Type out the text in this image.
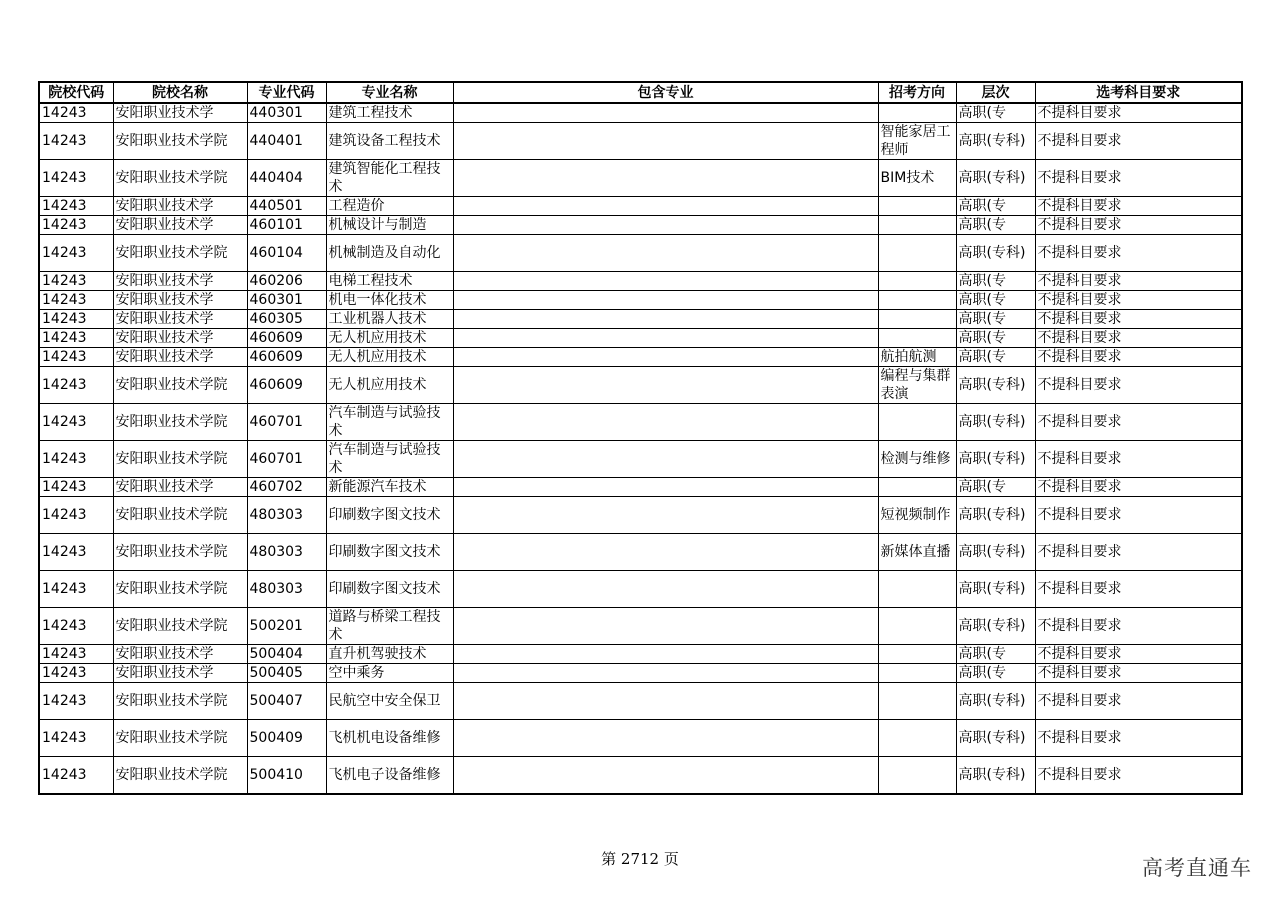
院校代码	院校名称	专业代码	专业名称	包含专业	招考方向	层次	选考科目要求
14243	安阳职业技术学	440301	建筑工程技术			高职(专	不提科目要求
14243	安阳职业技术学院	440401	建筑设备工程技术		智能家居工程师	高职(专科)	不提科目要求
14243	安阳职业技术学院	440404	建筑智能化工程技术		BIM技术	高职(专科)	不提科目要求
14243	安阳职业技术学	440501	工程造价			高职(专	不提科目要求
14243	安阳职业技术学	460101	机械设计与制造			高职(专	不提科目要求
14243	安阳职业技术学院	460104	机械制造及自动化			高职(专科)	不提科目要求
14243	安阳职业技术学	460206	电梯工程技术			高职(专	不提科目要求
14243	安阳职业技术学	460301	机电一体化技术			高职(专	不提科目要求
14243	安阳职业技术学	460305	工业机器人技术			高职(专	不提科目要求
14243	安阳职业技术学	460609	无人机应用技术			高职(专	不提科目要求
14243	安阳职业技术学	460609	无人机应用技术		航拍航测	高职(专	不提科目要求
14243	安阳职业技术学院	460609	无人机应用技术		编程与集群表演	高职(专科)	不提科目要求
14243	安阳职业技术学院	460701	汽车制造与试验技术			高职(专科)	不提科目要求
14243	安阳职业技术学院	460701	汽车制造与试验技术		检测与维修	高职(专科)	不提科目要求
14243	安阳职业技术学	460702	新能源汽车技术			高职(专	不提科目要求
14243	安阳职业技术学院	480303	印刷数字图文技术		短视频制作	高职(专科)	不提科目要求
14243	安阳职业技术学院	480303	印刷数字图文技术		新媒体直播	高职(专科)	不提科目要求
14243	安阳职业技术学院	480303	印刷数字图文技术			高职(专科)	不提科目要求
14243	安阳职业技术学院	500201	道路与桥梁工程技术			高职(专科)	不提科目要求
14243	安阳职业技术学	500404	直升机驾驶技术			高职(专	不提科目要求
14243	安阳职业技术学	500405	空中乘务			高职(专	不提科目要求
14243	安阳职业技术学院	500407	民航空中安全保卫			高职(专科)	不提科目要求
14243	安阳职业技术学院	500409	飞机机电设备维修			高职(专科)	不提科目要求
14243	安阳职业技术学院	500410	飞机电子设备维修			高职(专科)	不提科目要求
第 2712 页	高考直通车
